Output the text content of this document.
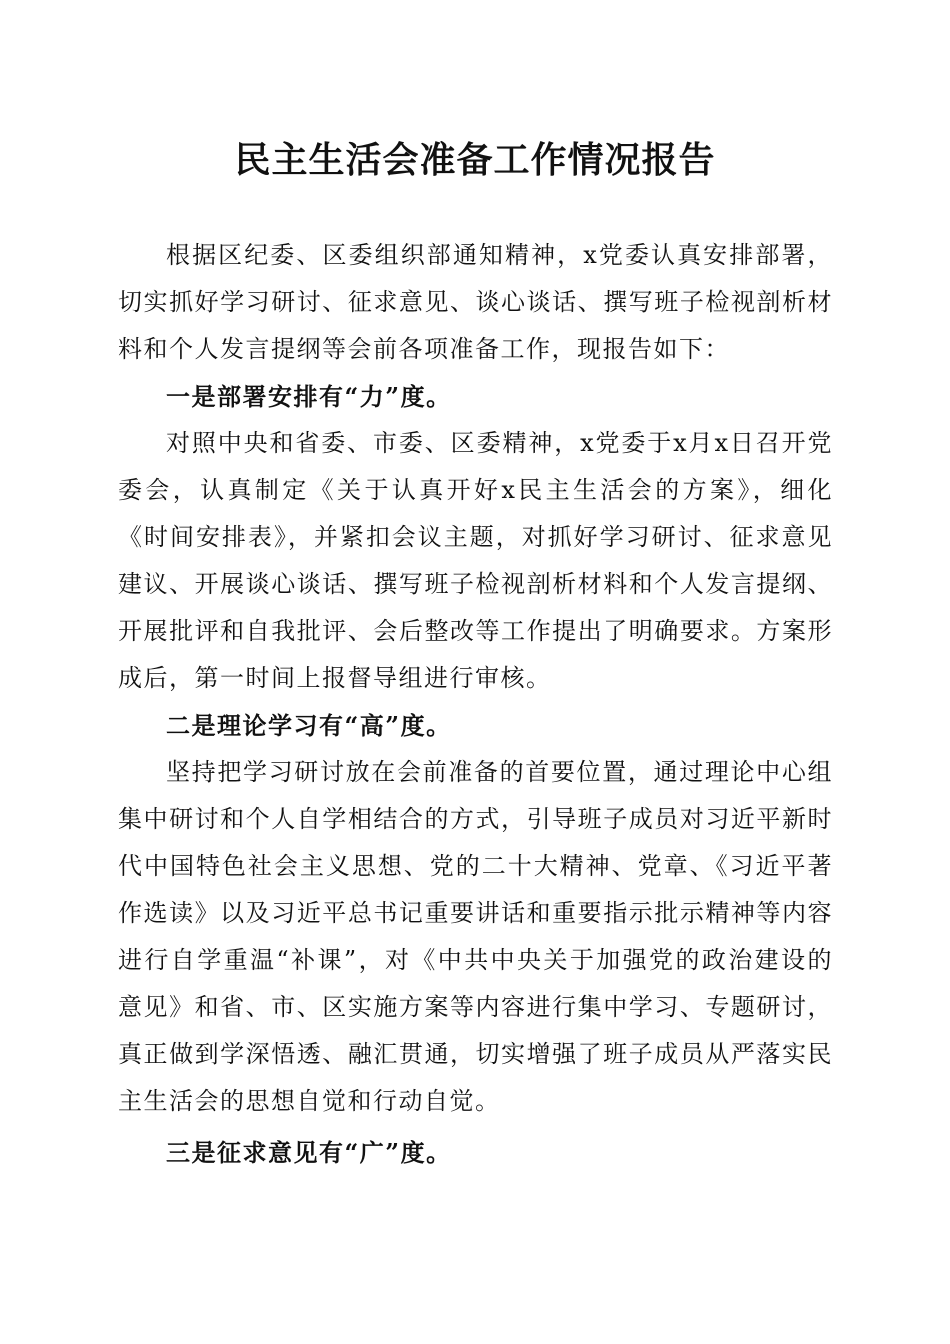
民主生活会准备工作情况报告

根据区纪委、区委组织部通知精神，x党委认真安排部署，切实抓好学习研讨、征求意见、谈心谈话、撰写班子检视剖析材料和个人发言提纲等会前各项准备工作，现报告如下：

一是部署安排有“力”度。

对照中央和省委、市委、区委精神，x党委于x月x日召开党委会，认真制定《关于认真开好x民主生活会的方案》，细化《时间安排表》，并紧扣会议主题，对抓好学习研讨、征求意见建议、开展谈心谈话、撰写班子检视剖析材料和个人发言提纲、开展批评和自我批评、会后整改等工作提出了明确要求。方案形成后，第一时间上报督导组进行审核。

二是理论学习有“高”度。

坚持把学习研讨放在会前准备的首要位置，通过理论中心组集中研讨和个人自学相结合的方式，引导班子成员对习近平新时代中国特色社会主义思想、党的二十大精神、党章、《习近平著作选读》以及习近平总书记重要讲话和重要指示批示精神等内容进行自学重温“补课”，对《中共中央关于加强党的政治建设的意见》和省、市、区实施方案等内容进行集中学习、专题研讨，真正做到学深悟透、融汇贯通，切实增强了班子成员从严落实民主生活会的思想自觉和行动自觉。

三是征求意见有“广”度。
